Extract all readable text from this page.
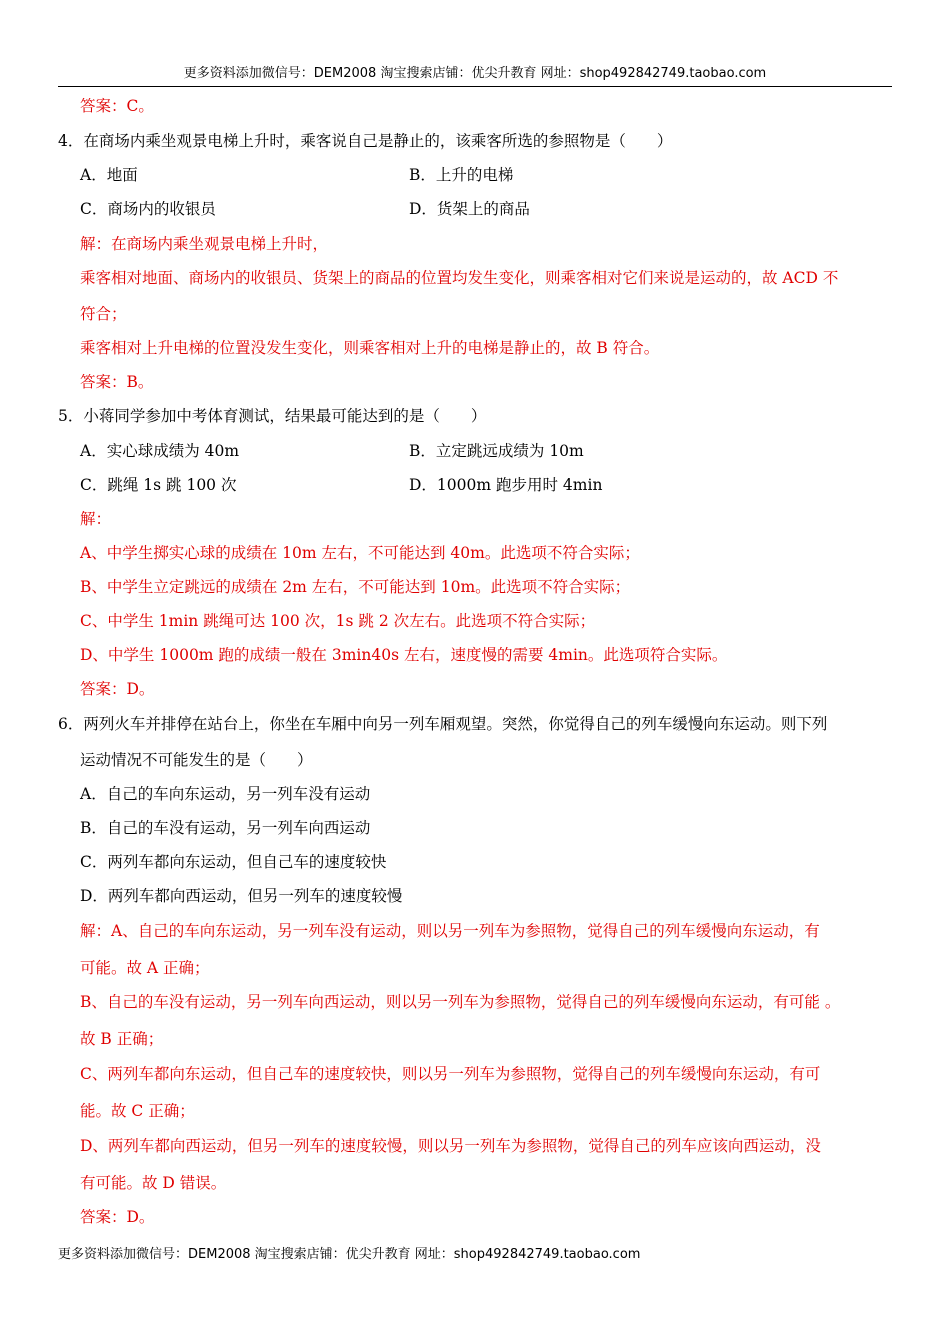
更多资料添加微信号：DEM2008 淘宝搜索店铺：优尖升教育 网址：shop492842749.taobao.com
答案：C。
4．在商场内乘坐观景电梯上升时，乘客说自己是静止的，该乘客所选的参照物是（　　）
A．地面	B．上升的电梯
C．商场内的收银员	D．货架上的商品
解：在商场内乘坐观景电梯上升时，
乘客相对地面、商场内的收银员、货架上的商品的位置均发生变化，则乘客相对它们来说是运动的，故 ACD 不
符合；
乘客相对上升电梯的位置没发生变化，则乘客相对上升的电梯是静止的，故 B 符合。
答案：B。
5．小蒋同学参加中考体育测试，结果最可能达到的是（　　）
A．实心球成绩为 40m	B．立定跳远成绩为 10m
C．跳绳 1s 跳 100 次	D．1000m 跑步用时 4min
解：
A、中学生掷实心球的成绩在 10m 左右，不可能达到 40m。此选项不符合实际；
B、中学生立定跳远的成绩在 2m 左右，不可能达到 10m。此选项不符合实际；
C、中学生 1min 跳绳可达 100 次，1s 跳 2 次左右。此选项不符合实际；
D、中学生 1000m 跑的成绩一般在 3min40s 左右，速度慢的需要 4min。此选项符合实际。
答案：D。
6．两列火车并排停在站台上，你坐在车厢中向另一列车厢观望。突然，你觉得自己的列车缓慢向东运动。则下列
运动情况不可能发生的是（　　）
A．自己的车向东运动，另一列车没有运动
B．自己的车没有运动，另一列车向西运动
C．两列车都向东运动，但自己车的速度较快
D．两列车都向西运动，但另一列车的速度较慢
解：A、自己的车向东运动，另一列车没有运动，则以另一列车为参照物，觉得自己的列车缓慢向东运动，有
可能。故 A 正确；
B、自己的车没有运动，另一列车向西运动，则以另一列车为参照物，觉得自己的列车缓慢向东运动，有可能 。
故 B 正确；
C、两列车都向东运动，但自己车的速度较快，则以另一列车为参照物，觉得自己的列车缓慢向东运动，有可
能。故 C 正确；
D、两列车都向西运动，但另一列车的速度较慢，则以另一列车为参照物，觉得自己的列车应该向西运动，没
有可能。故 D 错误。
答案：D。
更多资料添加微信号：DEM2008 淘宝搜索店铺：优尖升教育 网址：shop492842749.taobao.com
